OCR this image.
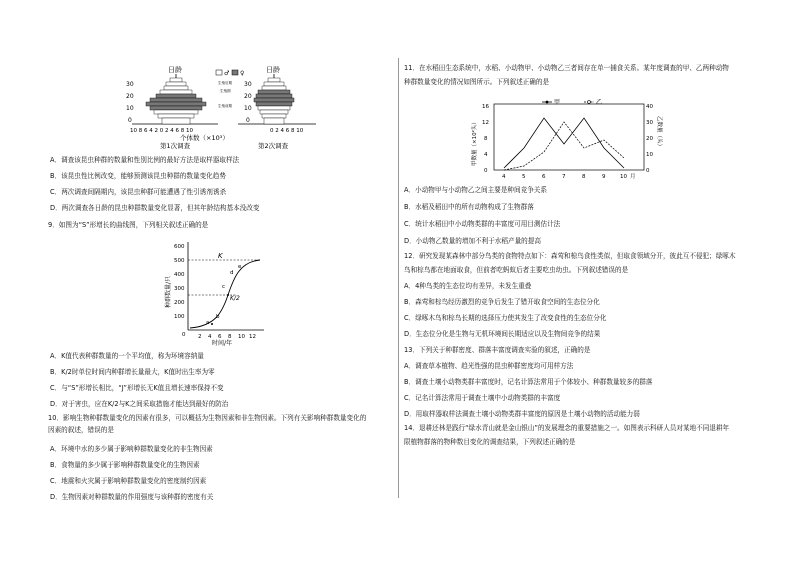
日龄
30
20
10
0
10 8 6 4 2 0 2 4 6 8 10
个体数（×10³）
第1次调查
♂ ♀
生殖后期
生殖期
生殖前期
日龄
30
20
10
0
0 2 4 6 8 10
第2次调查
A．调查该昆虫种群的数量和性别比例的最好方法是取样器取样法
B．该昆虫性比例改变，能够预测该昆虫种群的数量变化趋势
C．两次调查间隔期内，该昆虫种群可能遭遇了性引诱剂诱杀
D．两次调查各日龄的昆虫种群数量变化显著，但其年龄结构基本没改变
9．如图为“S”形增长的曲线图，下列相关叙述正确的是
种群数量/只
600
500
400
300
200
100
0
K
K/2
a
b
c
d
e
2 4 6 8 10 12
时间/年
A．K值代表种群数量的一个平均值，称为环境容纳量
B．K/2时单位时间内种群增长量最大，K值时出生率为零
C．与“S”形增长相比，“J”形增长无K值且增长速率保持不变
D．对于害虫，应在K/2与K之间采取措施才能达到最好的防治
10．影响生物种群数量变化的因素有很多，可以概括为生物因素和非生物因素。下列有关影响种群数量变化的
因素的叙述，错误的是
A．环境中水的多少属于影响种群数量变化的非生物因素
B．食物量的多少属于影响种群数量变化的生物因素
C．地震和火灾属于影响种群数量变化的密度制约因素
D．生物因素对种群数量的作用强度与该种群的密度有关
11．在水稻田生态系统中，水稻、小动物甲、小动物乙三者间存在单一捕食关系。某年度调查的甲、乙两种动物
种群数量变化的情况如图所示。下列叙述正确的是
甲数量（×10²头）	乙数量（头）
16
12
8
4
0
40
30
20
10
0
甲	乙
4	5	6	7	8	9	10 月
A．小动物甲与小动物乙之间主要是种间竞争关系
B．水稻及稻田中的所有动物构成了生物群落
C．统计水稻田中小动物类群的丰富度可用目测估计法
D．小动物乙数量的增加不利于水稻产量的提高
12．研究发现某森林中部分鸟类的食物特点如下：森莺和椋鸟食性类似，但取食领域分开，彼此互不侵犯；绿啄木
鸟和棕鸟都在地面取食，但前者吃蚂蚁后者主要吃虫幼虫。下列叙述错误的是
A．4种鸟类的生态位均有差异，未发生重叠
B．森莺和棕鸟经历激烈的竞争后发生了错开取食空间的生态位分化
C．绿啄木鸟和棕鸟长期的选择压力使其发生了改变食性的生态位分化
D．生态位分化是生物与无机环境间长期适应以及生物间竞争的结果
13．下列关于种群密度、群落丰富度调查实验的叙述，正确的是
A．调查草本植物、趋光性强的昆虫种群密度均可用样方法
B．调查土壤小动物类群丰富度时，记名计算法常用于个体较小、种群数量较多的群落
C．记名计算法常用于调查土壤中小动物类群的丰富度
D．用取样器取样法调查土壤小动物类群丰富度的原因是土壤小动物的活动能力弱
14．退耕还林是践行“绿水青山就是金山银山”的发展理念的重要措施之一。如图表示科研人员对某地不同退耕年
限植物群落的物种数目变化的调查结果，下列叙述正确的是
